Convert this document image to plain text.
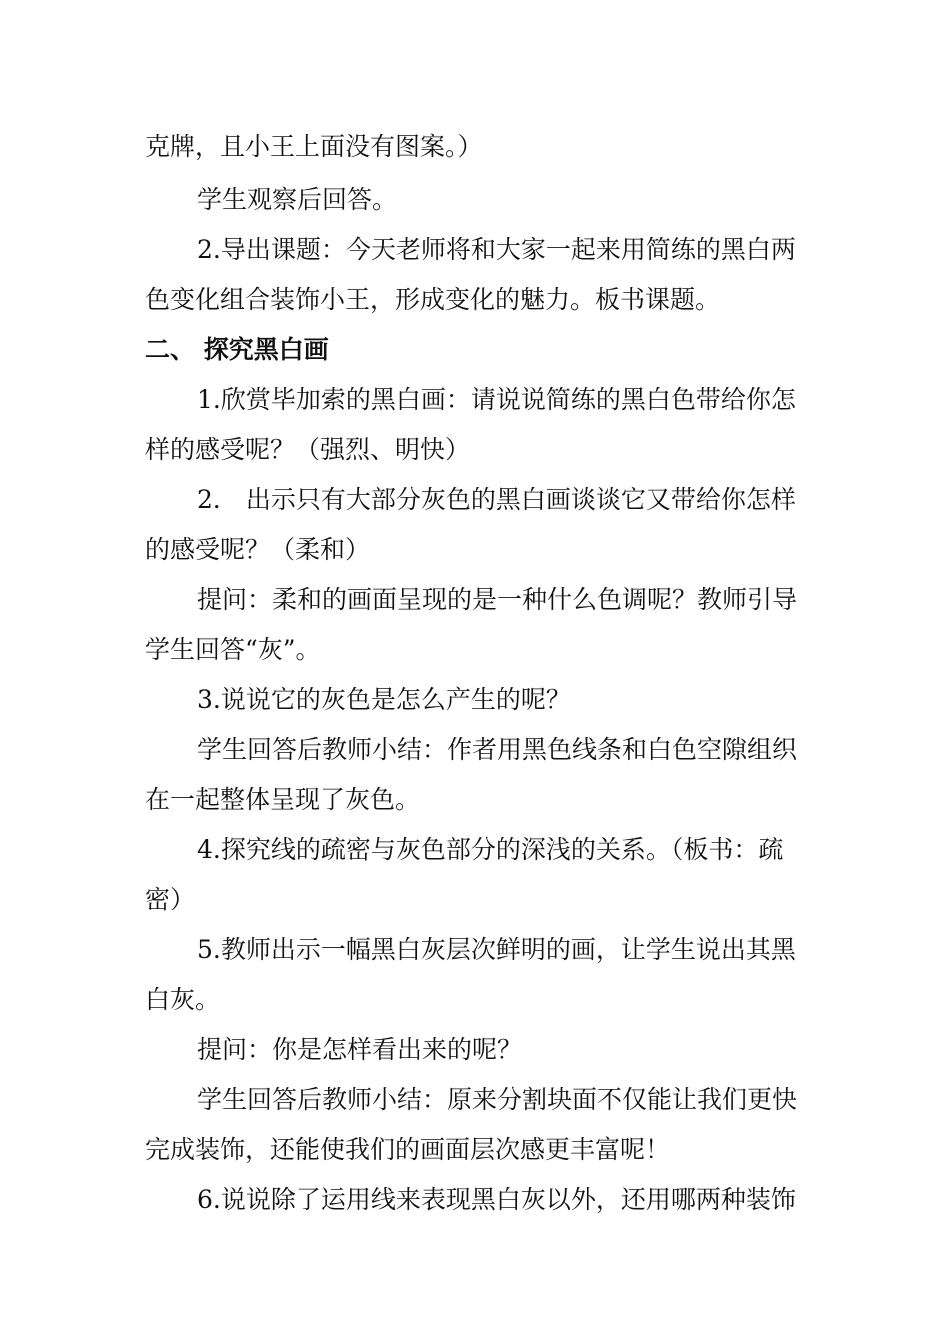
克牌，且小王上面没有图案。）
学生观察后回答。
2.导出课题：今天老师将和大家一起来用简练的黑白两
色变化组合装饰小王，形成变化的魅力。板书课题。
二、 探究黑白画
1.欣赏毕加索的黑白画：请说说简练的黑白色带给你怎
样的感受呢？（强烈、明快）
2． 出示只有大部分灰色的黑白画谈谈它又带给你怎样
的感受呢？（柔和）
提问：柔和的画面呈现的是一种什么色调呢？教师引导
学生回答“灰”。
3.说说它的灰色是怎么产生的呢？
学生回答后教师小结：作者用黑色线条和白色空隙组织
在一起整体呈现了灰色。
4.探究线的疏密与灰色部分的深浅的关系。（板书：疏
密）
5.教师出示一幅黑白灰层次鲜明的画，让学生说出其黑
白灰。
提问：你是怎样看出来的呢？
学生回答后教师小结：原来分割块面不仅能让我们更快
完成装饰，还能使我们的画面层次感更丰富呢！
6.说说除了运用线来表现黑白灰以外，还用哪两种装饰
